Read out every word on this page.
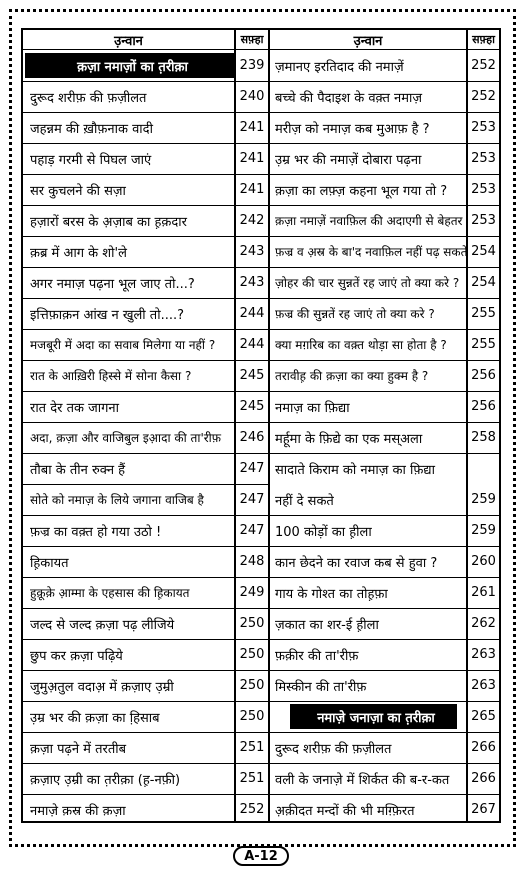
उ़न्वान	सफ़्हा	उ़न्वान	सफ़्हा
क़ज़ा नमाज़ों का त़रीक़ा	239 ज़मानए इरतिदाद की नमाज़ें	252
दुरूद शरीफ़ की फ़ज़ीलत	240 बच्चे की पैदाइश के वक़्त नमाज़	252
जहन्नम की ख़ौफ़नाक वादी	241 मरीज़ को नमाज़ कब मुआफ़ है ?	253
पहाड़ गरमी से पिघल जाएं	241 उ़म्र भर की नमाज़ें दोबारा पढ़ना	253
सर कुचलने की सज़ा	241 क़ज़ा का लफ़्ज़ कहना भूल गया तो ?	253
हज़ारों बरस के अ़ज़ाब का ह़क़दार	242 क़ज़ा नमाज़ें नवाफ़िल की अदाएगी से बेहतर 253
क़ब्र में आग के शो'ले	243 फ़ज्र व अ़स्र के बा'द नवाफ़िल नहीं पढ़ सकते 254
अगर नमाज़ पढ़ना भूल जाए तो...?	243 ज़ोहर की चार सुन्नतें रह जाएं तो क्या करे ? 254
इत्तिफ़ाक़न आंख न खुली तो....?	244 फ़ज्र की सुन्नतें रह जाएं तो क्या करे ?	255
मजबूरी में अदा का सवाब मिलेगा या नहीं ?	244 क्या मग़रिब का वक़्त थोड़ा सा होता है ?	255
रात के आख़िरी हिस्से में सोना कैसा ?	245 तरावीह़ की क़ज़ा का क्या हुक्म है ?	256
रात देर तक जागना	245 नमाज़ का फ़िद्या	256
अदा, क़ज़ा और वाजिबुल इआ़दा की ता'रीफ़	246 मर्हूमा के फ़िद्ये का एक मस्अला	258
तौबा के तीन रुक्न हैं	247 सादाते किराम को नमाज़ का फ़िद्या
सोते को नमाज़ के लिये जगाना वाजिब है	247 नहीं दे सकते	259
फ़ज्र का वक़्त हो गया उठो !	247 100 कोड़ों का ह़ीला	259
ह़िकायत	248 कान छेदने का रवाज कब से हुवा ?	260
हुक़ूक़े आ़म्मा के एहसास की ह़िकायत	249 गाय के गोश्त का तोह़फ़ा	261
जल्द से जल्द क़ज़ा पढ़ लीजिये	250 ज़कात का शर-ई ह़ीला	262
छुप कर क़ज़ा पढ़िये	250 फ़क़ीर की ता'रीफ़	263
जुमुअ़तुल वदाअ़ में क़ज़ाए उ़म्री	250 मिस्कीन की ता'रीफ़	263
उ़म्र भर की क़ज़ा का हि़साब	250	नमाज़े जनाज़ा का त़रीक़ा	265
क़ज़ा पढ़ने में तरतीब	251 दुरूद शरीफ़ की फ़ज़ीलत	266
क़ज़ाए उ़म्री का त़रीक़ा (ह़-नफ़ी)	251 वली के जनाज़े में शिर्कत की ब-र-कत	266
नमाज़े क़स्र की क़ज़ा	252 अ़क़ीदत मन्दों की भी मग़्फ़िरत	267
A-12
